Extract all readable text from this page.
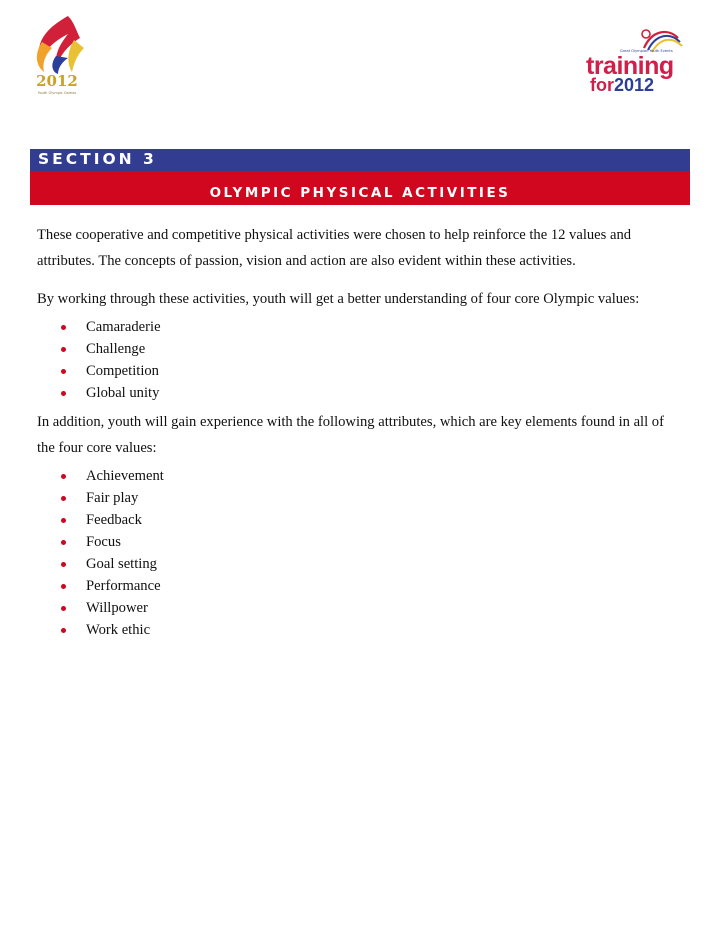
2012
Youth Olympic Games
Great Olympian Youth Events
training
for2012
SECTION 3
OLYMPIC PHYSICAL ACTIVITIES

These cooperative and competitive physical activities were chosen to help reinforce the 12 values and attributes. The concepts of passion, vision and action are also evident within these activities.

By working through these activities, youth will get a better understanding of four core Olympic values:

Camaraderie
Challenge
Competition
Global unity

In addition, youth will gain experience with the following attributes, which are key elements found in all of the four core values:

Achievement
Fair play
Feedback
Focus
Goal setting
Performance
Willpower
Work ethic
